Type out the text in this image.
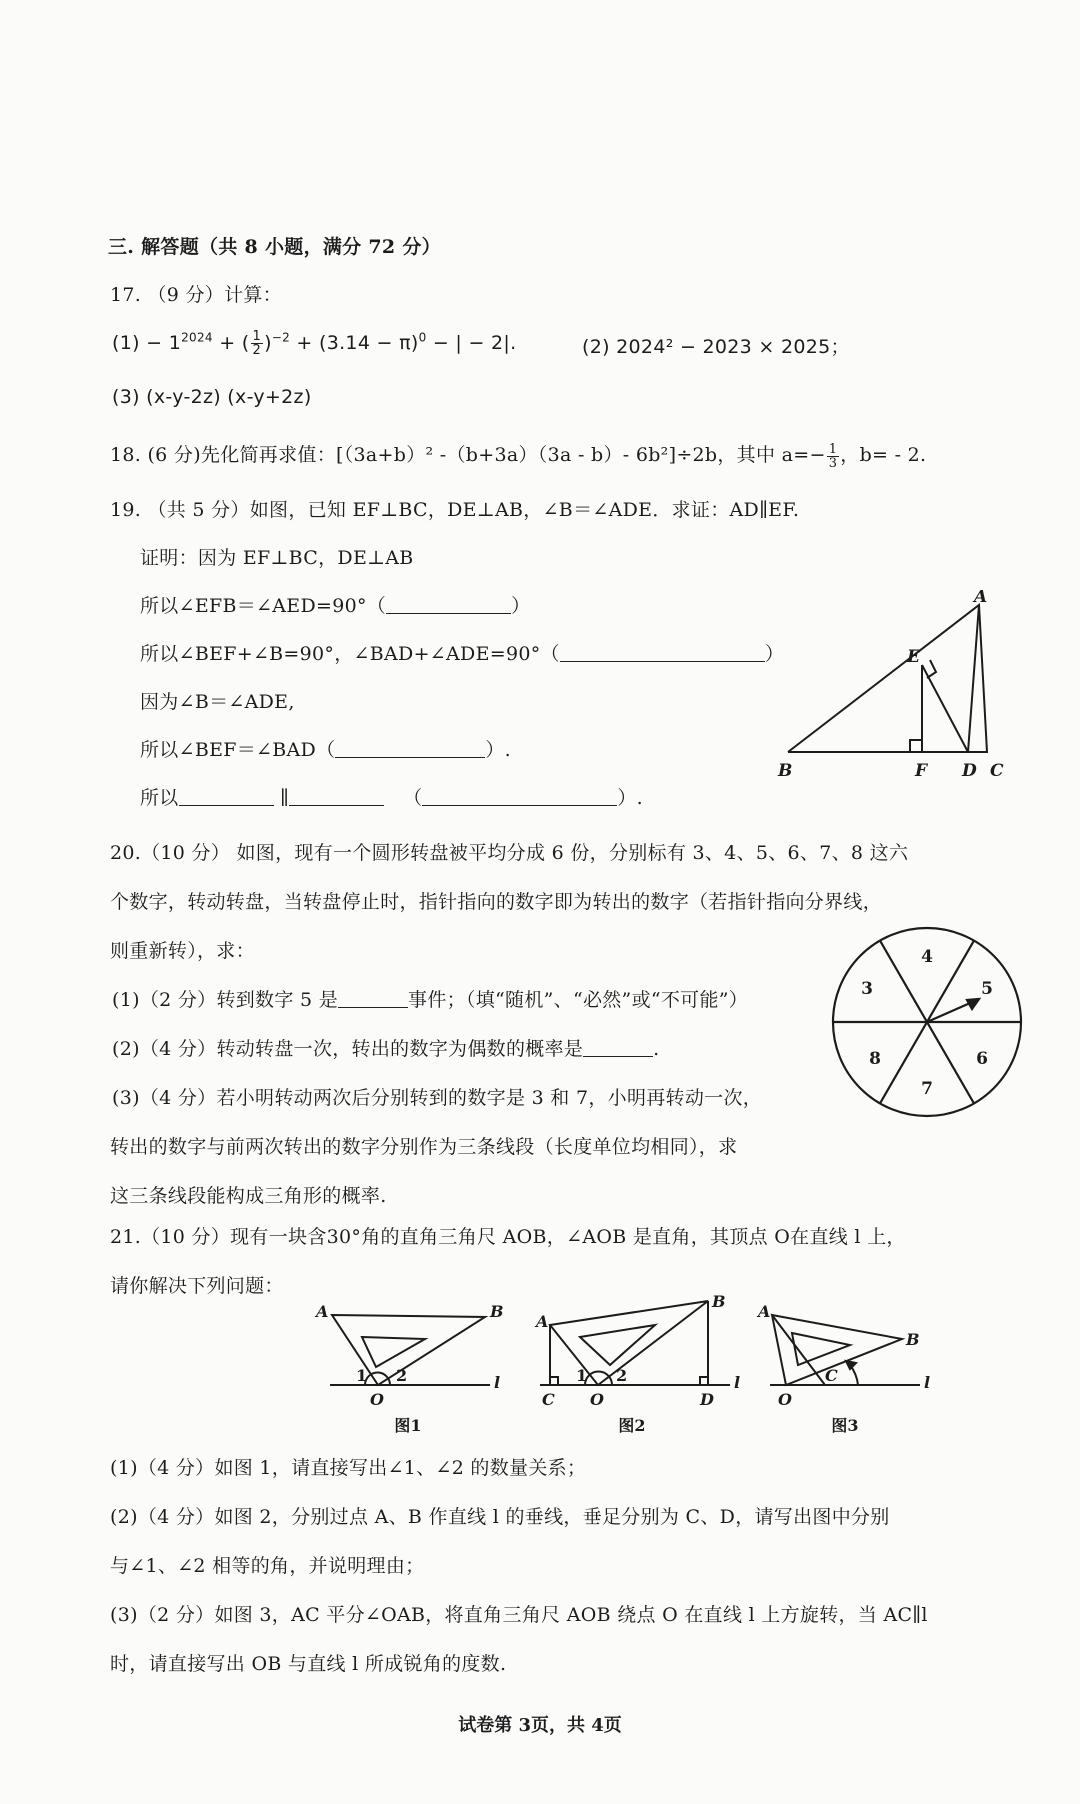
三. 解答题（共 8 小题，满分 72 分）
17. （9 分）计算：
$(1) - 1^{2024}$ + ( $\frac{1}{2} )^{-2} + (3.14 - \pi)^0$ − | − 2|.	(2) 2024² − 2023 × 2025；
(3) (x-y-2z) (x-y+2z)
18. (6 分)先化简再求值：[（3a+b）² -（b+3a）（3a - b）- 6b²]÷2b，其中 $a=- \frac{1}{3}$ ，b= - 2.
19. （共 5 分）如图，已知 EF⊥BC，DE⊥AB，∠B＝∠ADE．求证：AD∥EF.
证明：因为 EF⊥BC，DE⊥AB
所以∠EFB＝∠AED=90°（	）
所以∠BEF+∠B=90°，∠BAD+∠ADE=90°（	）
因为∠B＝∠ADE,
所以∠BEF＝∠BAD（	）.
所以	∥	（	）.
A
E
B	F D C
20.（10 分） 如图，现有一个圆形转盘被平均分成 6 份，分别标有 3、4、5、6、7、8 这六
个数字，转动转盘，当转盘停止时，指针指向的数字即为转出的数字（若指针指向分界线，
则重新转），求：
(1)（2 分）转到数字 5 是	事件；（填“随机”、“必然”或“不可能”）
(2)（4 分）转动转盘一次，转出的数字为偶数的概率是	.
(3)（4 分）若小明转动两次后分别转到的数字是 3 和 7，小明再转动一次，
转出的数字与前两次转出的数字分别作为三条线段（长度单位均相同），求
这三条线段能构成三角形的概率.
4
5
6
7
8
3
21.（10 分）现有一块含30°角的直角三角尺 AOB，∠AOB 是直角，其顶点 O在直线 l 上，
请你解决下列问题：
A	B
O
l
1 2
A
B
C O	D
l
1 2
A
B
O
C	l
图1	图2	图3
(1)（4 分）如图 1，请直接写出∠1、∠2 的数量关系；
(2)（4 分）如图 2，分别过点 A、B 作直线 l 的垂线，垂足分别为 C、D，请写出图中分别
与∠1、∠2 相等的角，并说明理由；
(3)（2 分）如图 3，AC 平分∠OAB，将直角三角尺 AOB 绕点 O 在直线 l 上方旋转，当 AC∥l
时，请直接写出 OB 与直线 l 所成锐角的度数.
试卷第 3页，共 4页
